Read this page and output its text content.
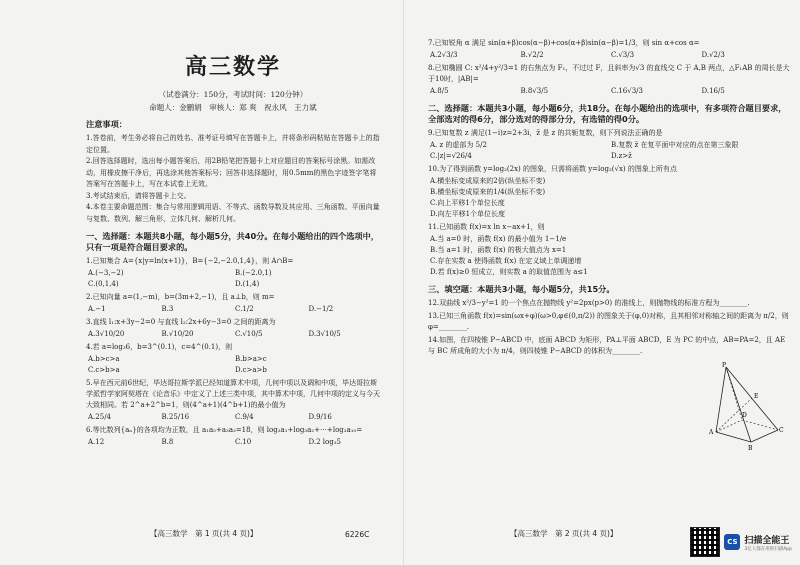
高三数学
（试卷满分：150分，考试时间：120分钟）
命题人：金鹏娟　审核人：郑 爽　祝永风　王力斌
注意事项：

1.答卷前，考生务必将自己的姓名、准考证号填写在答题卡上，并将条形码粘贴在答题卡上的指定位置。

2.回答选择题时，选出每小题答案后，用2B铅笔把答题卡上对应题目的答案标号涂黑。如需改动，用橡皮擦干净后，再选涂其他答案标号；回答非选择题时，用0.5mm的黑色字迹签字笔将答案写在答题卡上，写在本试卷上无效。

3.考试结束后，请将答题卡上交。

4.本卷主要命题范围：集合与常用逻辑用语、不等式、函数导数及其应用、三角函数、平面向量与复数、数列、解三角形、立体几何、解析几何。

一、选择题：本题共8小题，每小题5分，共40分。在每小题给出的四个选项中，只有一项是符合题目要求的。
1.已知集合 A={x|y=ln(x+1)}，B={−2,−2.0,1,4}，则 A∩B=
A.(−3,−2)	B.(−2.0,1)
C.(0,1,4)	D.(1,4)
2.已知向量 a=(1,−m)，b=(3m+2,−1)，且 a⊥b，则 m=
A.−1	B.3	C.1/2	D.−1/2
3.直线 l₁:x+3y−2=0 与直线 l₂:2x+6y−3=0 之间的距离为
A.3√10/20	B.√10/20	C.√10/5	D.3√10/5
4.若 a=log₃6，b=3^(0.1)，c=4^(0.1)，则
A.b>c>a	B.b>a>c
C.c>b>a	D.c>a>b
5.早在西元前6世纪，毕达哥拉斯学派已经知道算术中项，几何中项以及调和中项，毕达哥拉斯学派哲学家阿契塔在《论音乐》中定义了上述三类中项，其中算术中项，几何中项的定义与今天大致相同。若 2^a+2^b=1，则(4^a+1)(4^b+1)的最小值为
A.25/4	B.25/16	C.9/4	D.9/16
6.等比数列{aₙ}的各项均为正数，且 a₁a₅+a₃a₃=18，则 log₃a₁+log₃a₂+⋯+log₃a₁₀=
A.12	B.8	C.10	D.2 log₃5
【高三数学　第 1 页(共 4 页)】	6226C
7.已知锐角 α 满足 sin(α+β)cos(α−β)+cos(α+β)sin(α−β)=1/3，则 sin α+cos α=
A.2√3/3	B.√2/2	C.√3/3	D.√2/3
8.已知椭圆 C: x²/4+y²/3=1 的右焦点为 F₁，不过过 F，且斜率为√3 的直线交 C 于 A,B 两点，△F₁AB 的周长是大于10时，|AB|=
A.8/5	B.8√3/5	C.16√3/3	D.16/5
二、选择题：本题共3小题，每小题6分，共18分。在每小题给出的选项中，有多项符合题目要求，全部选对的得6分，部分选对的得部分分，有选错的得0分。
9.已知复数 z 满足(1−i)z=2+3i，z̄ 是 z 的共轭复数，则下列说法正确的是
A. z 的虚部为 5/2	B.复数 z̄ 在复平面中对应的点在第三象限
C.|z|=√26/4	D.z>z̄
10.为了得到函数 y=log₂(2x) 的图象，只需将函数 y=log₂(√x) 的图象上所有点
A.横坐标变成原来的2倍(纵坐标不变)
B.横坐标变成原来的1/4(纵坐标不变)
C.向上平移1个单位长度
D.向左平移1个单位长度
11.已知函数 f(x)=x ln x−ax+1，则
A.当 a=0 时，函数 f(x) 的最小值为 1−1/e
B.当 a=1 时，函数 f(x) 的极大值点为 x=1
C.存在实数 a 使得函数 f(x) 在定义域上单调递增
D.若 f(x)≥0 恒成立，则实数 a 的取值范围为 a≤1
三、填空题：本题共3小题，每小题5分，共15分。
12.双曲线 x²/3−y²=1 的一个焦点在抛物线 y²=2px(p>0) 的准线上，则抛物线的标准方程为________.
13.已知三角函数 f(x)=sin(ωx+φ)(ω>0,φ∈(0,π/2)) 的图象关于(φ,0)对称，且其相邻对称轴之间的距离为 π/2，则 φ=________.
14.如图，在四棱锥 P−ABCD 中，底面 ABCD 为矩形，PA⊥平面 ABCD，E 为 PC 的中点，AB=PA=2，且 AE 与 BC 所成角的大小为 π/4，则四棱锥 P−ABCD 的体积为________.
P
E
A
B
C
D
【高三数学　第 2 页(共 4 页)】
CS 扫描全能王
3亿人都在用的扫描App
